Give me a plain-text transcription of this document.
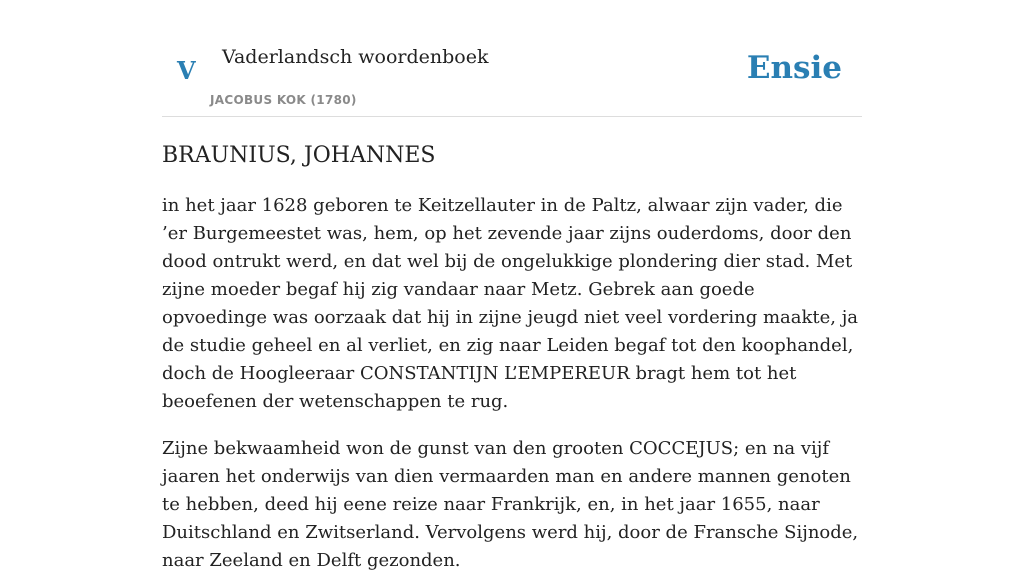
V Vaderlandsch woordenboek
JACOBUS KOK (1780)
Ensie
BRAUNIUS, JOHANNES

in het jaar 1628 geboren te Keitzellauter in de Paltz, alwaar zijn vader, die ’er Burgemeestet was, hem, op het zevende jaar zijns ouderdoms, door den dood ontrukt werd, en dat wel bij de ongelukkige plondering dier stad. Met zijne moeder begaf hij zig vandaar naar Metz. Gebrek aan goede opvoedinge was oorzaak dat hij in zijne jeugd niet veel vordering maakte, ja de studie geheel en al verliet, en zig naar Leiden begaf tot den koophandel, doch de Hoogleeraar CONSTANTIJN L’EMPEREUR bragt hem tot het beoefenen der wetenschappen te rug.

Zijne bekwaamheid won de gunst van den grooten COCCEJUS; en na vijf jaaren het onderwijs van dien vermaarden man en andere mannen genoten te hebben, deed hij eene reize naar Frankrijk, en, in het jaar 1655, naar Duitschland en Zwitserland. Vervolgens werd hij, door de Fransche Sijnode, naar Zeeland en Delft gezonden.
